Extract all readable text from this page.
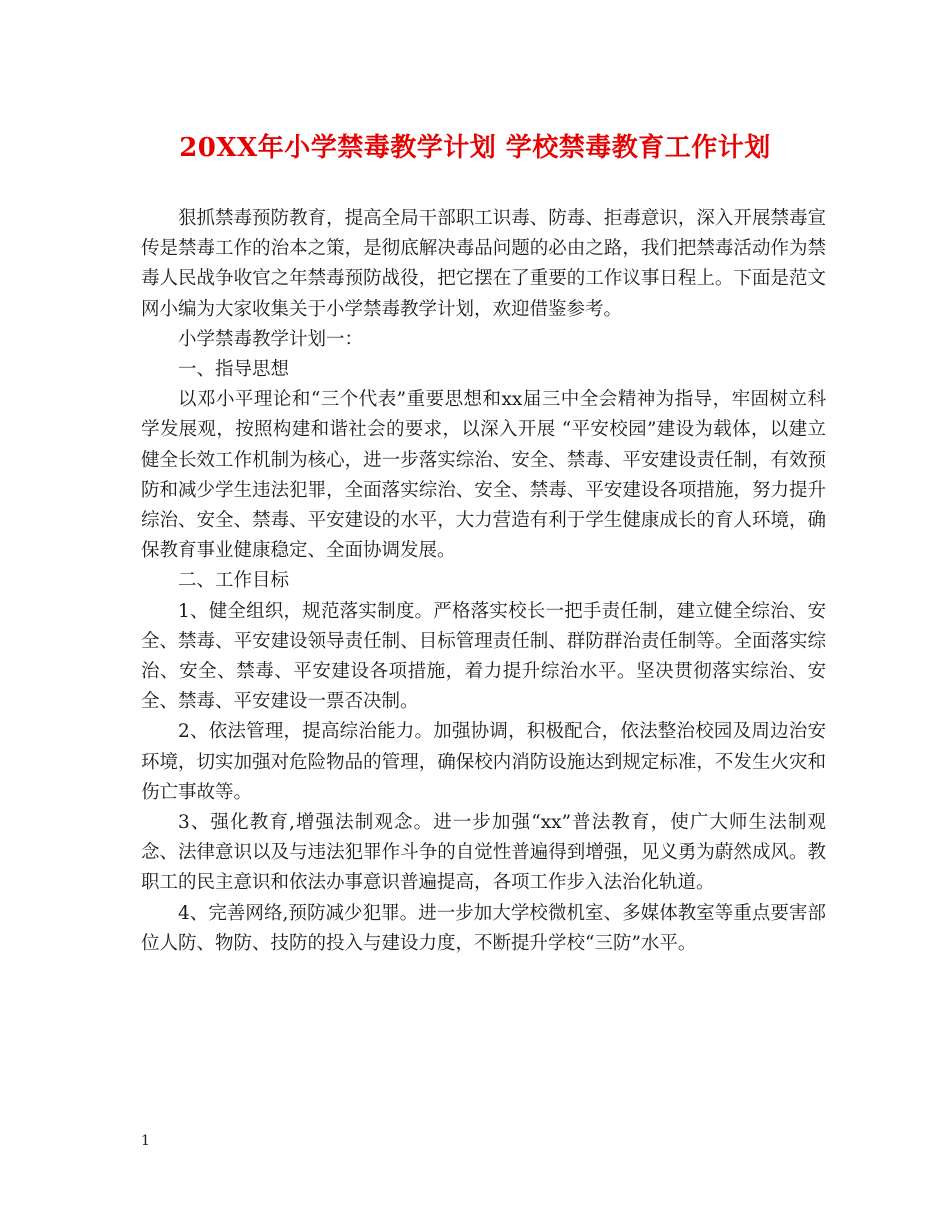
20XX年小学禁毒教学计划 学校禁毒教育工作计划

狠抓禁毒预防教育，提高全局干部职工识毒、防毒、拒毒意识，深入开展禁毒宣传是禁毒工作的治本之策，是彻底解决毒品问题的必由之路，我们把禁毒活动作为禁毒人民战争收官之年禁毒预防战役，把它摆在了重要的工作议事日程上。下面是范文网小编为大家收集关于小学禁毒教学计划，欢迎借鉴参考。

小学禁毒教学计划一：

一、指导思想

以邓小平理论和“三个代表”重要思想和xx届三中全会精神为指导，牢固树立科学发展观，按照构建和谐社会的要求，以深入开展 “平安校园”建设为载体，以建立健全长效工作机制为核心，进一步落实综治、安全、禁毒、平安建设责任制，有效预防和减少学生违法犯罪，全面落实综治、安全、禁毒、平安建设各项措施，努力提升综治、安全、禁毒、平安建设的水平，大力营造有利于学生健康成长的育人环境，确保教育事业健康稳定、全面协调发展。

二、工作目标

1、健全组织，规范落实制度。严格落实校长一把手责任制，建立健全综治、安全、禁毒、平安建设领导责任制、目标管理责任制、群防群治责任制等。全面落实综治、安全、禁毒、平安建设各项措施，着力提升综治水平。坚决贯彻落实综治、安全、禁毒、平安建设一票否决制。

2、依法管理，提高综治能力。加强协调，积极配合，依法整治校园及周边治安环境，切实加强对危险物品的管理，确保校内消防设施达到规定标准，不发生火灾和伤亡事故等。

3、强化教育,增强法制观念。进一步加强“xx”普法教育，使广大师生法制观念、法律意识以及与违法犯罪作斗争的自觉性普遍得到增强，见义勇为蔚然成风。教职工的民主意识和依法办事意识普遍提高，各项工作步入法治化轨道。

4、完善网络,预防减少犯罪。进一步加大学校微机室、多媒体教室等重点要害部位人防、物防、技防的投入与建设力度，不断提升学校“三防”水平。

1
